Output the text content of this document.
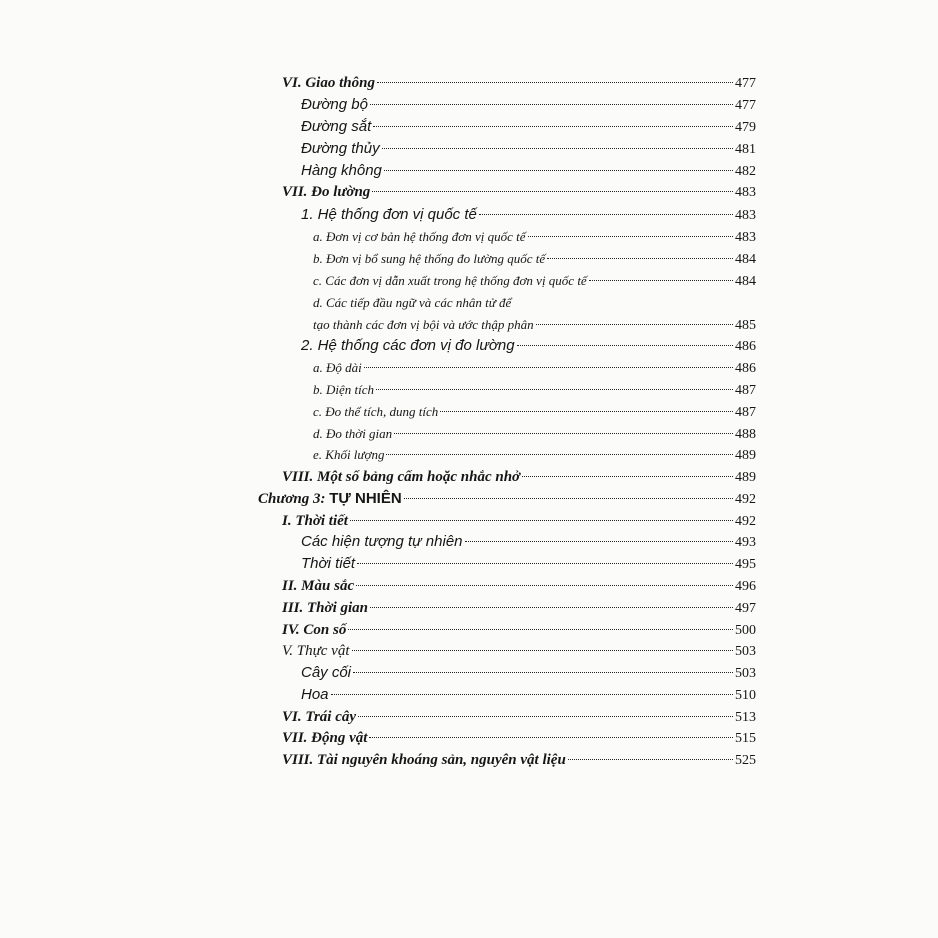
VI. Giao thông	477
Đường bộ	477
Đường sắt	479
Đường thủy	481
Hàng không	482
VII. Đo lường	483
1. Hệ thống đơn vị quốc tế	483
a. Đơn vị cơ bản hệ thống đơn vị quốc tế	483
b. Đơn vị bổ sung hệ thống đo lường quốc tế	484
c. Các đơn vị dẫn xuất trong hệ thống đơn vị quốc tế	484
d. Các tiếp đầu ngữ và các nhân tử để
tạo thành các đơn vị bội và ước thập phân	485
2. Hệ thống các đơn vị đo lường	486
a. Độ dài	486
b. Diện tích	487
c. Đo thể tích, dung tích	487
d. Đo thời gian	488
e. Khối lượng	489
VIII. Một số bảng cấm hoặc nhắc nhở	489
Chương 3: TỰ NHIÊN	492
I. Thời tiết	492
Các hiện tượng tự nhiên	493
Thời tiết	495
II. Màu sắc	496
III. Thời gian	497
IV. Con số	500
V. Thực vật	503
Cây cối	503
Hoa	510
VI. Trái cây	513
VII. Động vật	515
VIII. Tài nguyên khoáng sản, nguyên vật liệu	525
